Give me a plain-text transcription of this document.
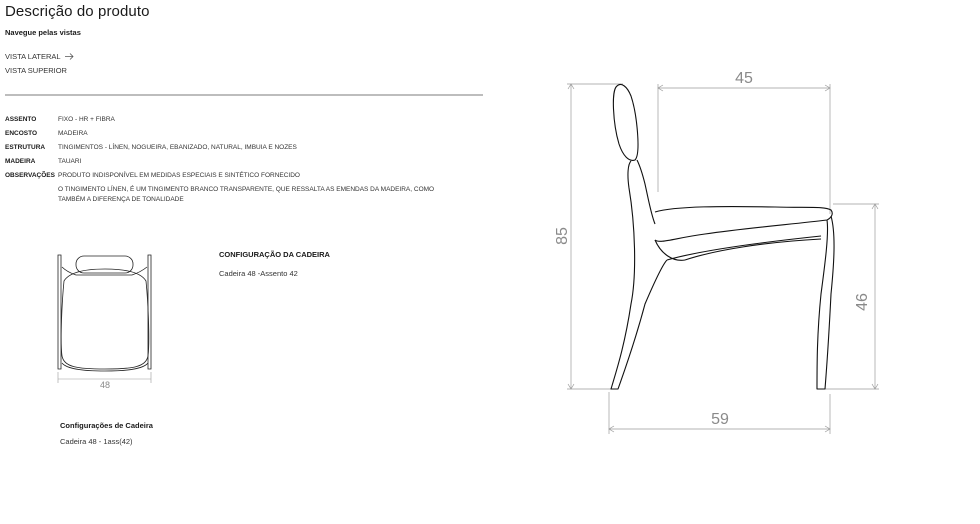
Descrição do produto
Navegue pelas vistas
VISTA LATERAL
VISTA SUPERIOR
ASSENTO	FIXO - HR + FIBRA
ENCOSTO	MADEIRA
ESTRUTURA	TINGIMENTOS - LÍNEN, NOGUEIRA, EBANIZADO, NATURAL, IMBUIA E NOZES
MADEIRA	TAUARI
OBSERVAÇÕES PRODUTO INDISPONÍVEL EM MEDIDAS ESPECIAIS E SINTÉTICO FORNECIDO
O TINGIMENTO LÍNEN, É UM TINGIMENTO BRANCO TRANSPARENTE, QUE RESSALTA AS EMENDAS DA MADEIRA, COMO TAMBÉM A DIFERENÇA DE TONALIDADE
48
CONFIGURAÇÃO DA CADEIRA
Cadeira 48 -Assento 42
Configurações de Cadeira
Cadeira 48 - 1ass(42)
45
85
46
59
